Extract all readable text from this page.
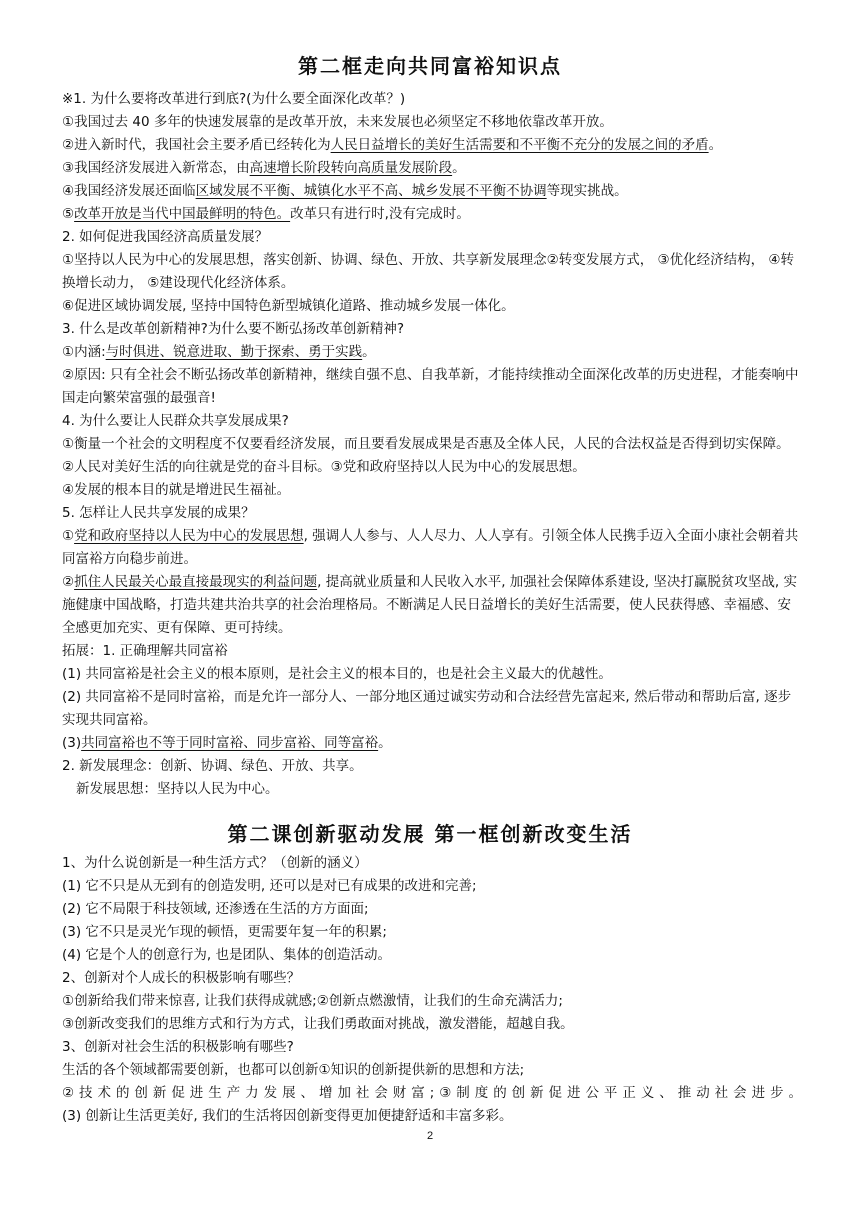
第二框走向共同富裕知识点

※1. 为什么要将改革进行到底?(为什么要全面深化改革？)

①我国过去 40 多年的快速发展靠的是改革开放，未来发展也必须坚定不移地依靠改革开放。

②进入新时代，我国社会主要矛盾已经转化为人民日益增长的美好生活需要和不平衡不充分的发展之间的矛盾。

③我国经济发展进入新常态，由高速增长阶段转向高质量发展阶段。

④我国经济发展还面临区域发展不平衡、城镇化水平不高、城乡发展不平衡不协调等现实挑战。

⑤改革开放是当代中国最鲜明的特色。改革只有进行时,没有完成时。

2. 如何促进我国经济高质量发展？

①坚持以人民为中心的发展思想，落实创新、协调、绿色、开放、共享新发展理念②转变发展方式， ③优化经济结构， ④转换增长动力， ⑤建设现代化经济体系。

⑥促进区域协调发展, 坚持中国特色新型城镇化道路、推动城乡发展一体化。

3. 什么是改革创新精神?为什么要不断弘扬改革创新精神?

①内涵:与时俱进、锐意进取、勤于探索、勇于实践。

②原因: 只有全社会不断弘扬改革创新精神，继续自强不息、自我革新，才能持续推动全面深化改革的历史进程，才能奏响中国走向繁荣富强的最强音!

4. 为什么要让人民群众共享发展成果?

①衡量一个社会的文明程度不仅要看经济发展，而且要看发展成果是否惠及全体人民，人民的合法权益是否得到切实保障。

②人民对美好生活的向往就是党的奋斗目标。③党和政府坚持以人民为中心的发展思想。

④发展的根本目的就是增进民生福祉。

5. 怎样让人民共享发展的成果？

①党和政府坚持以人民为中心的发展思想, 强调人人参与、人人尽力、人人享有。引领全体人民携手迈入全面小康社会朝着共同富裕方向稳步前进。

②抓住人民最关心最直接最现实的利益问题, 提高就业质量和人民收入水平, 加强社会保障体系建设, 坚决打赢脱贫攻坚战, 实施健康中国战略，打造共建共治共享的社会治理格局。不断满足人民日益增长的美好生活需要，使人民获得感、幸福感、安全感更加充实、更有保障、更可持续。

拓展：1. 正确理解共同富裕

(1) 共同富裕是社会主义的根本原则，是社会主义的根本目的，也是社会主义最大的优越性。

(2) 共同富裕不是同时富裕，而是允许一部分人、一部分地区通过诚实劳动和合法经营先富起来, 然后带动和帮助后富, 逐步实现共同富裕。

(3)共同富裕也不等于同时富裕、同步富裕、同等富裕。

2. 新发展理念：创新、协调、绿色、开放、共享。

新发展思想：坚持以人民为中心。

第二课创新驱动发展 第一框创新改变生活

1、为什么说创新是一种生活方式？（创新的涵义）

(1) 它不只是从无到有的创造发明, 还可以是对已有成果的改进和完善;

(2) 它不局限于科技领域, 还渗透在生活的方方面面;

(3) 它不只是灵光乍现的顿悟，更需要年复一年的积累;

(4) 它是个人的创意行为, 也是团队、集体的创造活动。

2、创新对个人成长的积极影响有哪些？

①创新给我们带来惊喜, 让我们获得成就感;②创新点燃激情，让我们的生命充满活力;

③创新改变我们的思维方式和行为方式，让我们勇敢面对挑战，激发潜能，超越自我。

3、创新对社会生活的积极影响有哪些?

生活的各个领域都需要创新，也都可以创新①知识的创新提供新的思想和方法;

②技术的创新促进生产力发展、增加社会财富;③制度的创新促进公平正义、推动社会进步。

(3) 创新让生活更美好, 我们的生活将因创新变得更加便捷舒适和丰富多彩。

2
